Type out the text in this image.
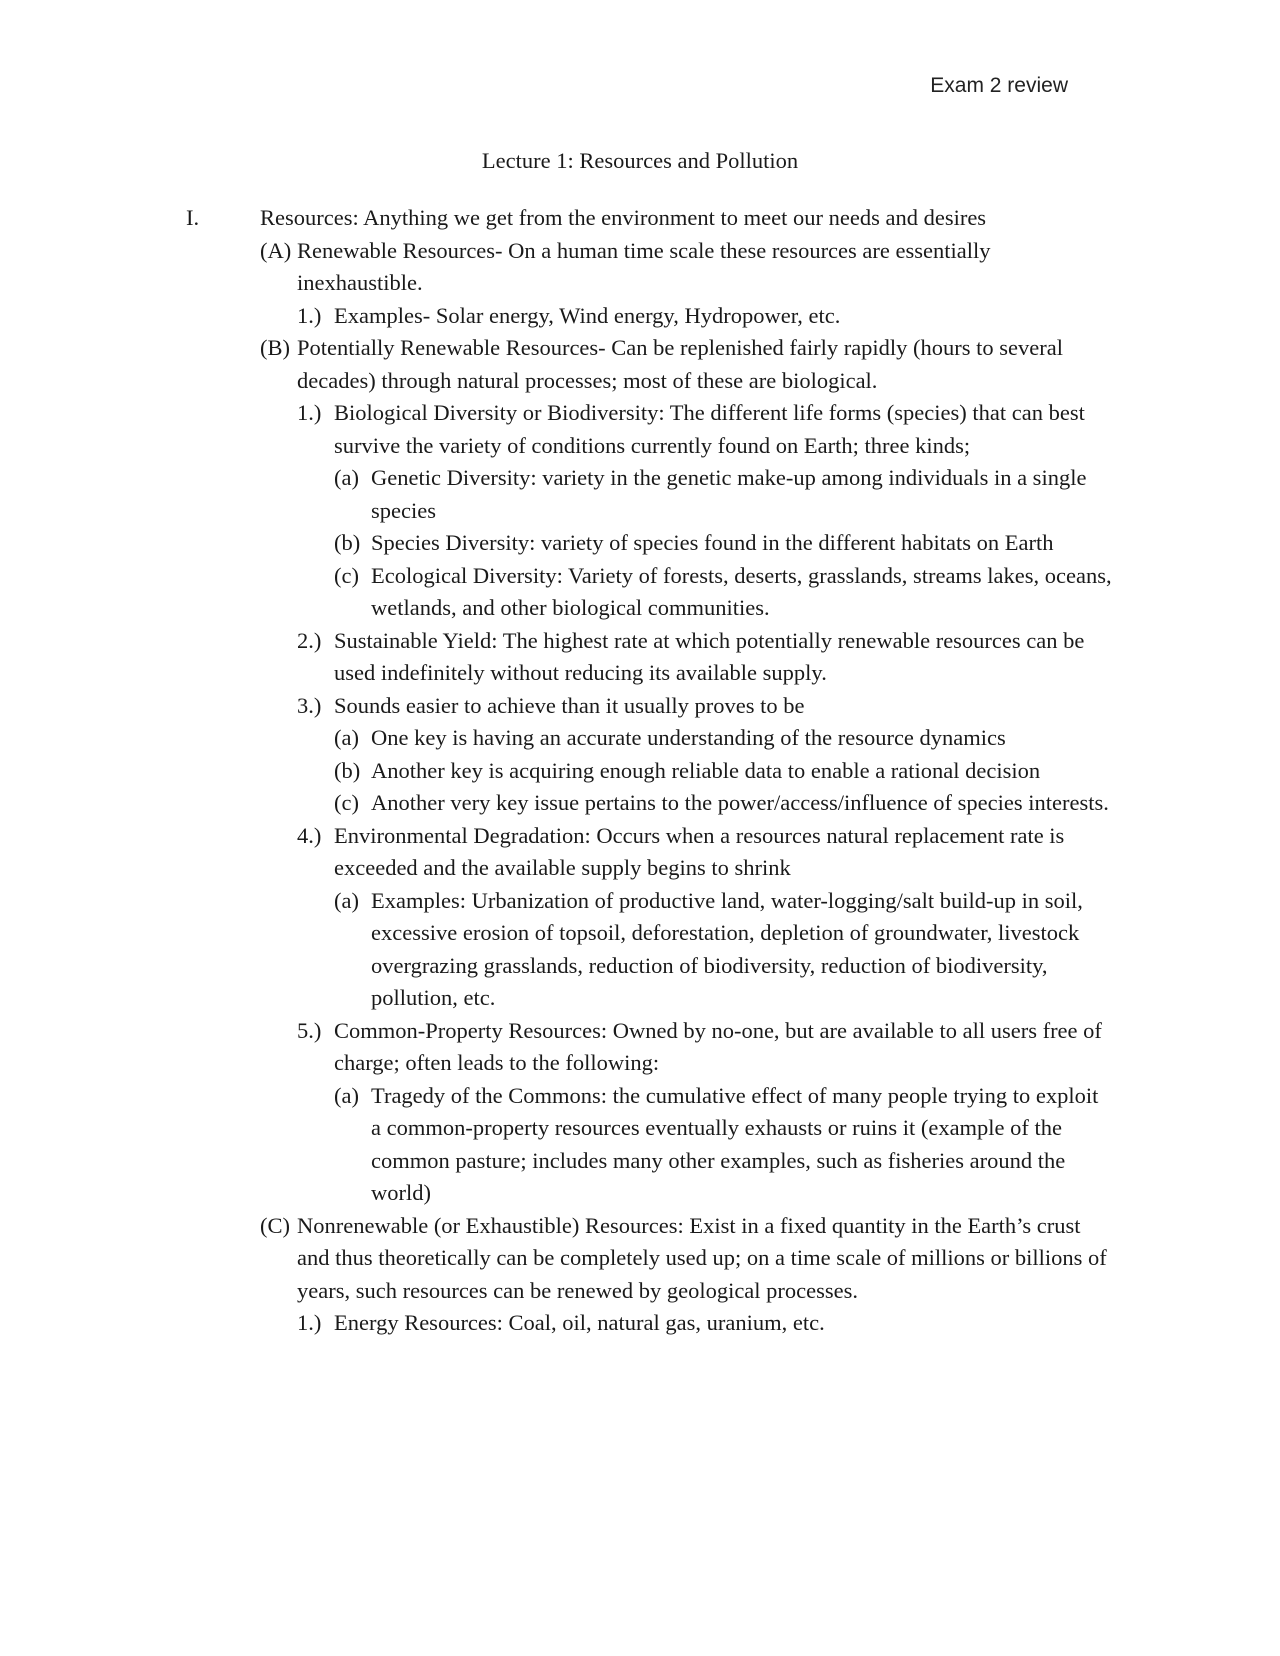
Exam 2 review
Lecture 1: Resources and Pollution
I.	Resources: Anything we get from the environment to meet our needs and desires
(A) Renewable Resources- On a human time scale these resources are essentially inexhaustible.
1.) Examples- Solar energy, Wind energy, Hydropower, etc.
(B) Potentially Renewable Resources- Can be replenished fairly rapidly (hours to several decades) through natural processes; most of these are biological.
1.) Biological Diversity or Biodiversity: The different life forms (species) that can best survive the variety of conditions currently found on Earth; three kinds;
(a) Genetic Diversity: variety in the genetic make-up among individuals in a single species
(b) Species Diversity: variety of species found in the different habitats on Earth
(c) Ecological Diversity: Variety of forests, deserts, grasslands, streams lakes, oceans, wetlands, and other biological communities.
2.) Sustainable Yield: The highest rate at which potentially renewable resources can be used indefinitely without reducing its available supply.
3.) Sounds easier to achieve than it usually proves to be
(a) One key is having an accurate understanding of the resource dynamics
(b) Another key is acquiring enough reliable data to enable a rational decision
(c) Another very key issue pertains to the power/access/influence of species interests.
4.) Environmental Degradation: Occurs when a resources natural replacement rate is exceeded and the available supply begins to shrink
(a) Examples: Urbanization of productive land, water-logging/salt build-up in soil, excessive erosion of topsoil, deforestation, depletion of groundwater, livestock overgrazing grasslands, reduction of biodiversity, reduction of biodiversity, pollution, etc.
5.) Common-Property Resources: Owned by no-one, but are available to all users free of charge; often leads to the following:
(a) Tragedy of the Commons: the cumulative effect of many people trying to exploit a common-property resources eventually exhausts or ruins it (example of the common pasture; includes many other examples, such as fisheries around the world)
(C) Nonrenewable (or Exhaustible) Resources: Exist in a fixed quantity in the Earth’s crust and thus theoretically can be completely used up; on a time scale of millions or billions of years, such resources can be renewed by geological processes.
1.) Energy Resources: Coal, oil, natural gas, uranium, etc.
